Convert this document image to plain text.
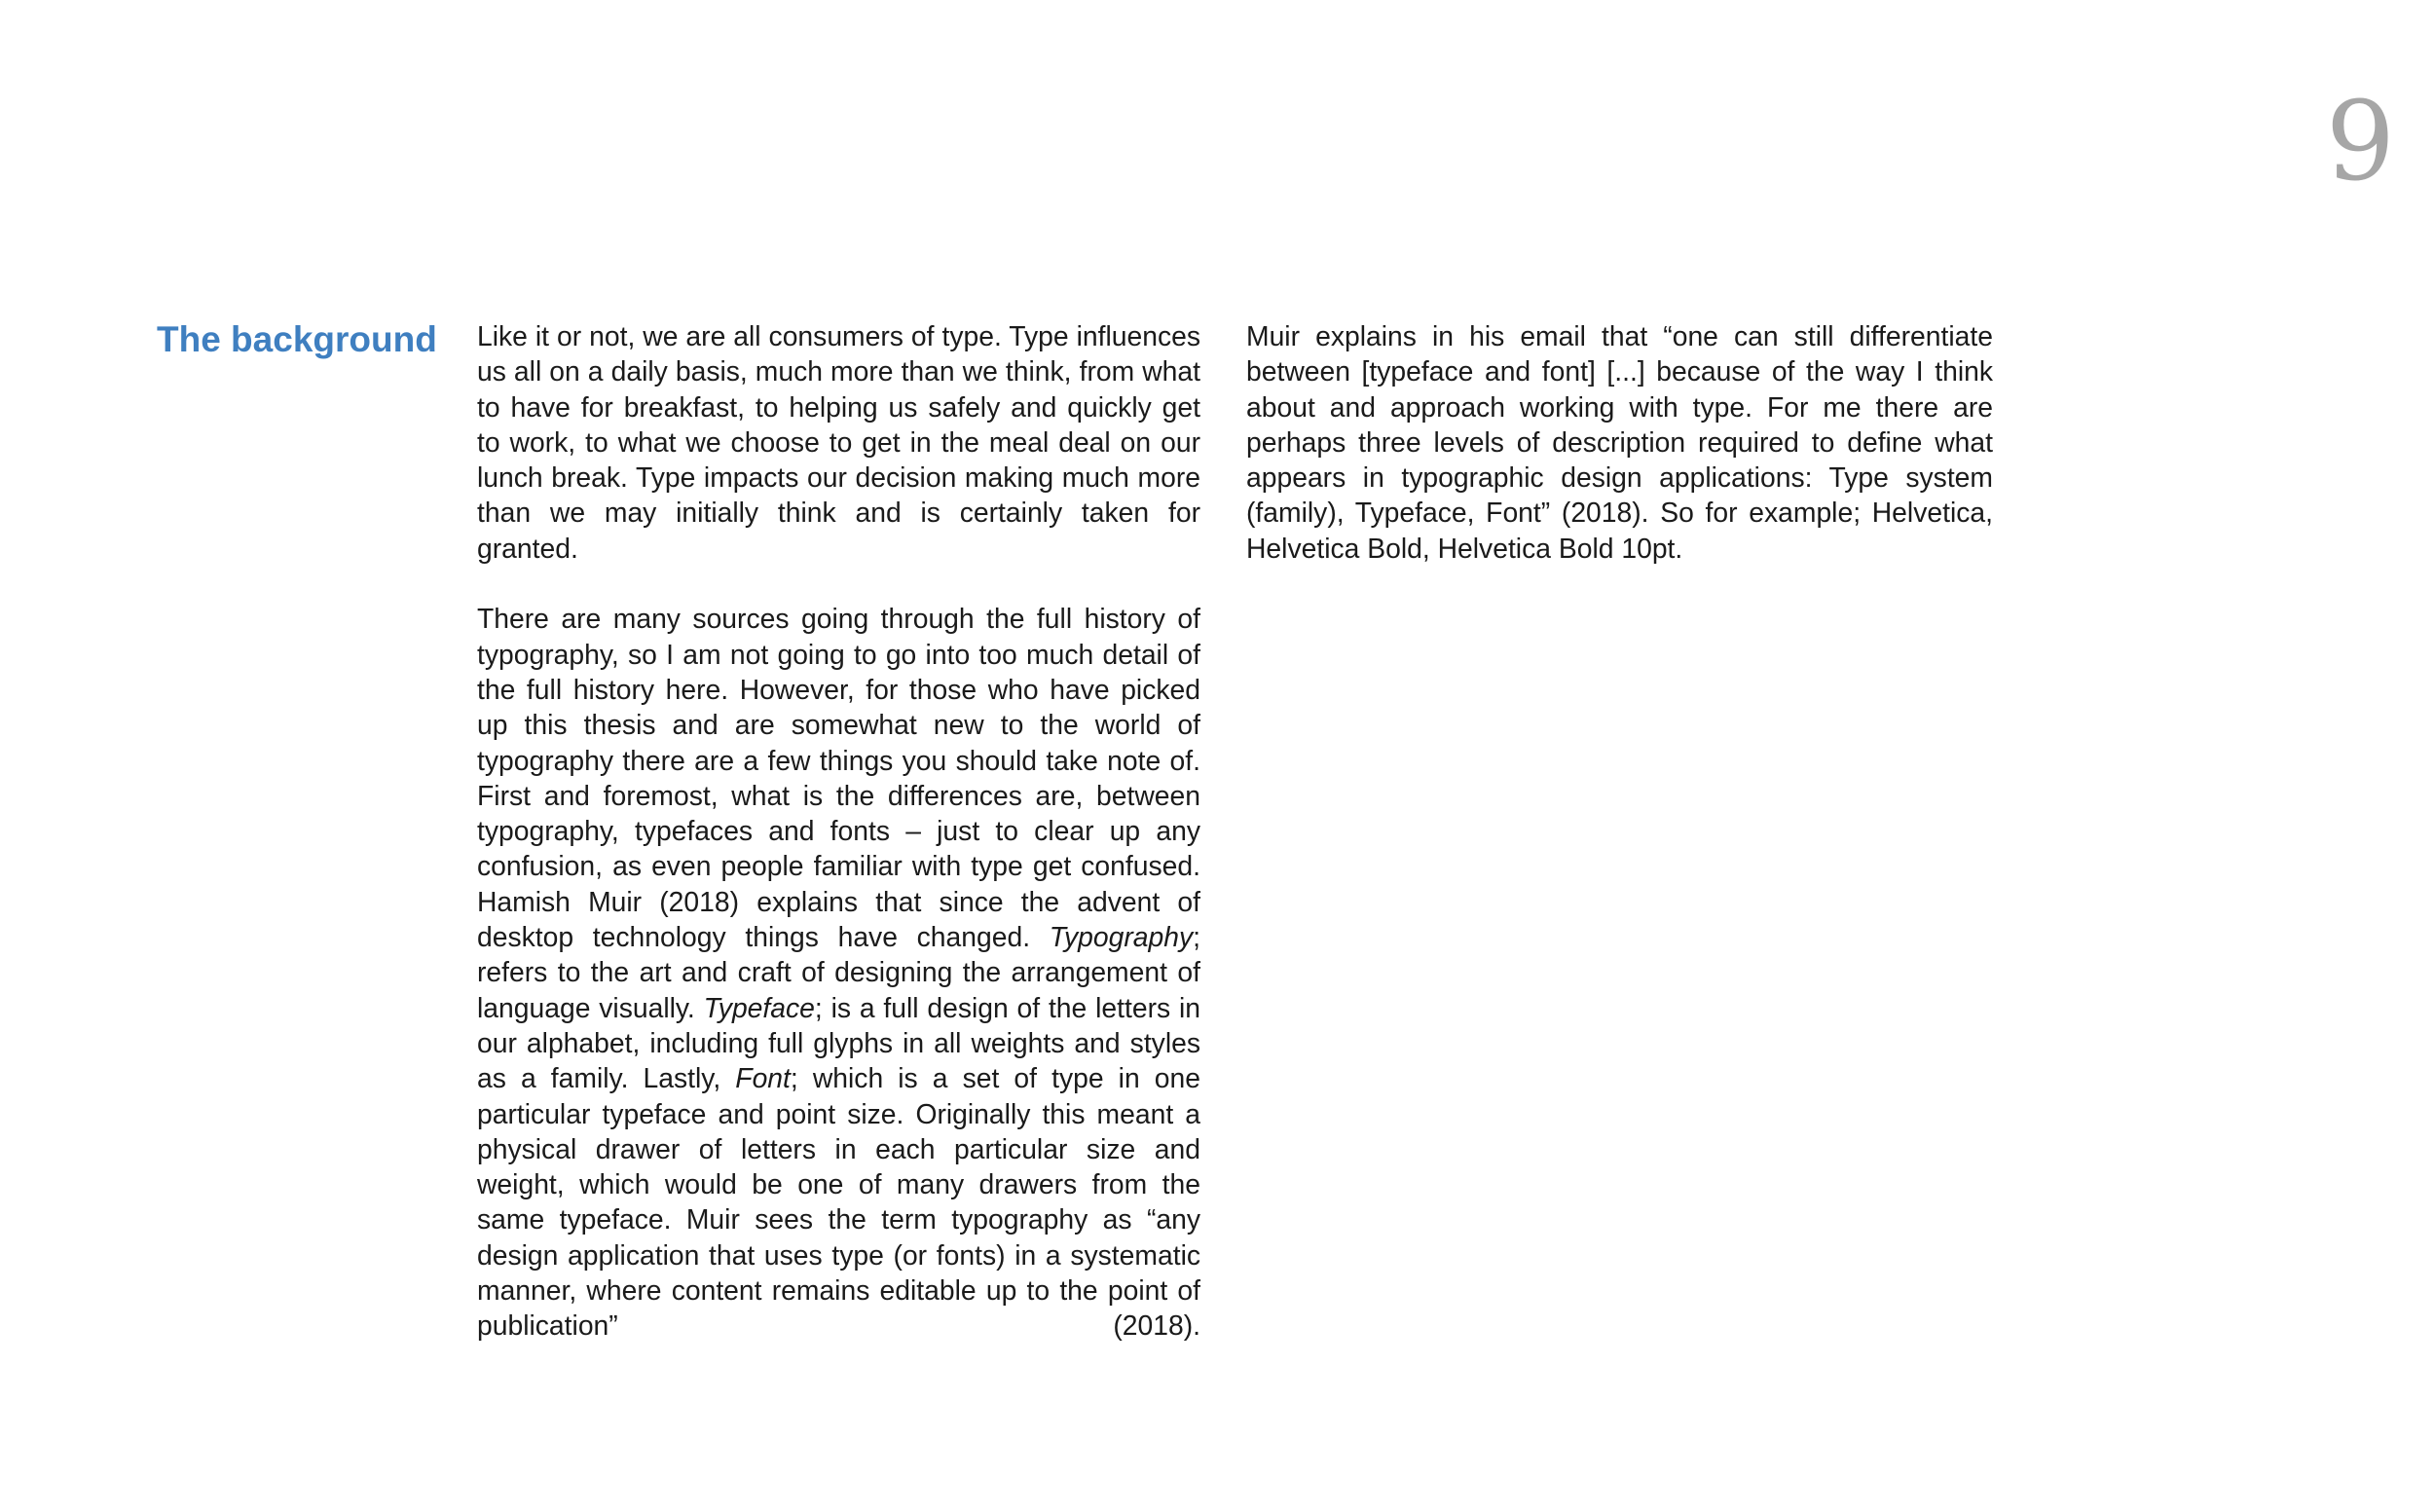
9
The background Like it or not, we are all consumers of type. Type influences us all on a daily basis, much more than we think, from what to have for breakfast, to helping us safely and quickly get to work, to what we choose to get in the meal deal on our lunch break. Type impacts our decision making much more than we may initially think and is certainly taken for granted.

There are many sources going through the full history of typography, so I am not going to go into too much detail of the full history here. However, for those who have picked up this thesis and are somewhat new to the world of typography there are a few things you should take note of. First and foremost, what is the differences are, between typography, typefaces and fonts – just to clear up any confusion, as even people familiar with type get confused. Hamish Muir (2018) explains that since the advent of desktop technology things have changed. Typography; refers to the art and craft of designing the arrangement of language visually. Typeface; is a full design of the letters in our alphabet, including full glyphs in all weights and styles as a family. Lastly, Font; which is a set of type in one particular typeface and point size. Originally this meant a physical drawer of letters in each particular size and weight, which would be one of many drawers from the same typeface. Muir sees the term typography as “any design application that uses type (or fonts) in a systematic manner, where content remains editable up to the point of publication” (2018).

Muir explains in his email that “one can still differentiate between [typeface and font] [...] because of the way I think about and approach working with type. For me there are perhaps three levels of description required to define what appears in typographic design applications: Type system (family), Typeface, Font” (2018). So for example; Helvetica, Helvetica Bold, Helvetica Bold 10pt.
